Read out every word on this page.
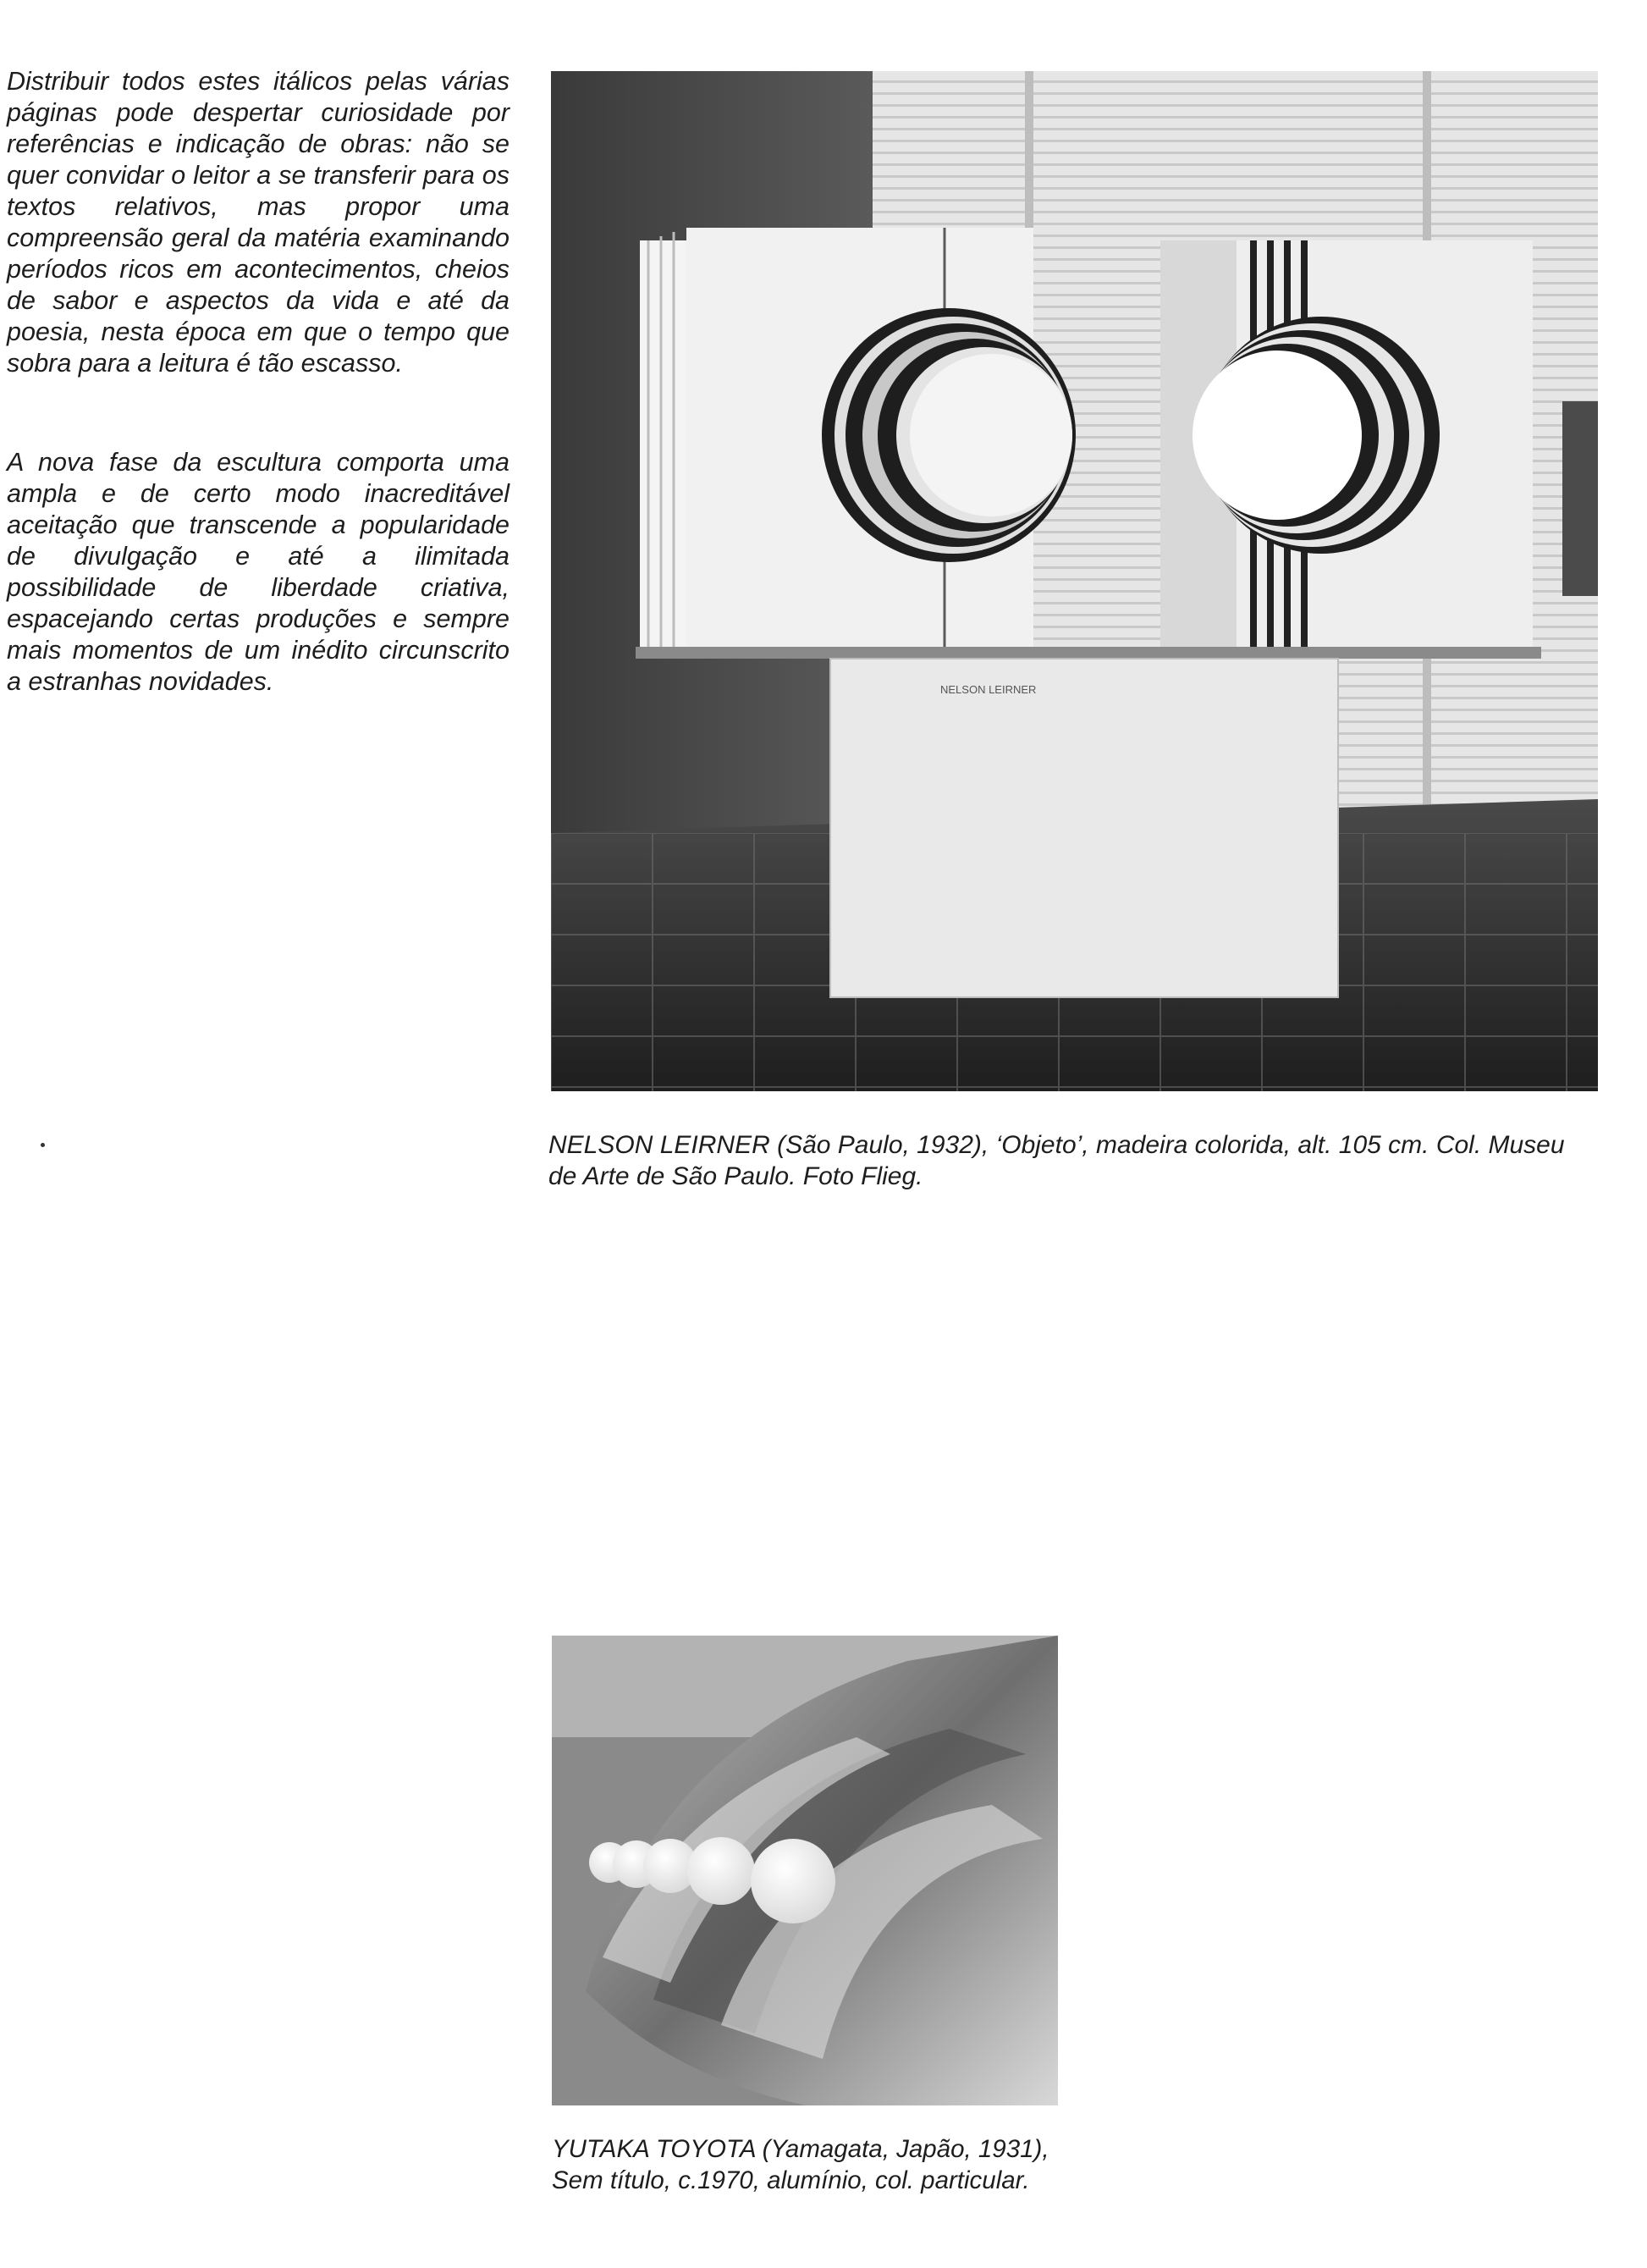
Distribuir todos estes itálicos pelas várias páginas pode despertar curiosidade por referências e indicação de obras: não se quer convidar o leitor a se transferir para os textos relativos, mas propor uma compreensão geral da matéria examinando períodos ricos em acontecimentos, cheios de sabor e aspectos da vida e até da poesia, nesta época em que o tempo que sobra para a leitura é tão escasso.

A nova fase da escultura comporta uma ampla e de certo modo inacreditável aceitação que transcende a popularidade de divulgação e até a ilimitada possibilidade de liberdade criativa, espacejando certas produções e sempre mais momentos de um inédito circunscrito a estranhas novidades.	NELSON LEIRNER

NELSON LEIRNER (São Paulo, 1932), ‘Objeto’, madeira colorida, alt. 105 cm. Col. Museu de Arte de São Paulo. Foto Flieg.

YUTAKA TOYOTA (Yamagata, Japão, 1931),
Sem título, c.1970, alumínio, col. particular.
